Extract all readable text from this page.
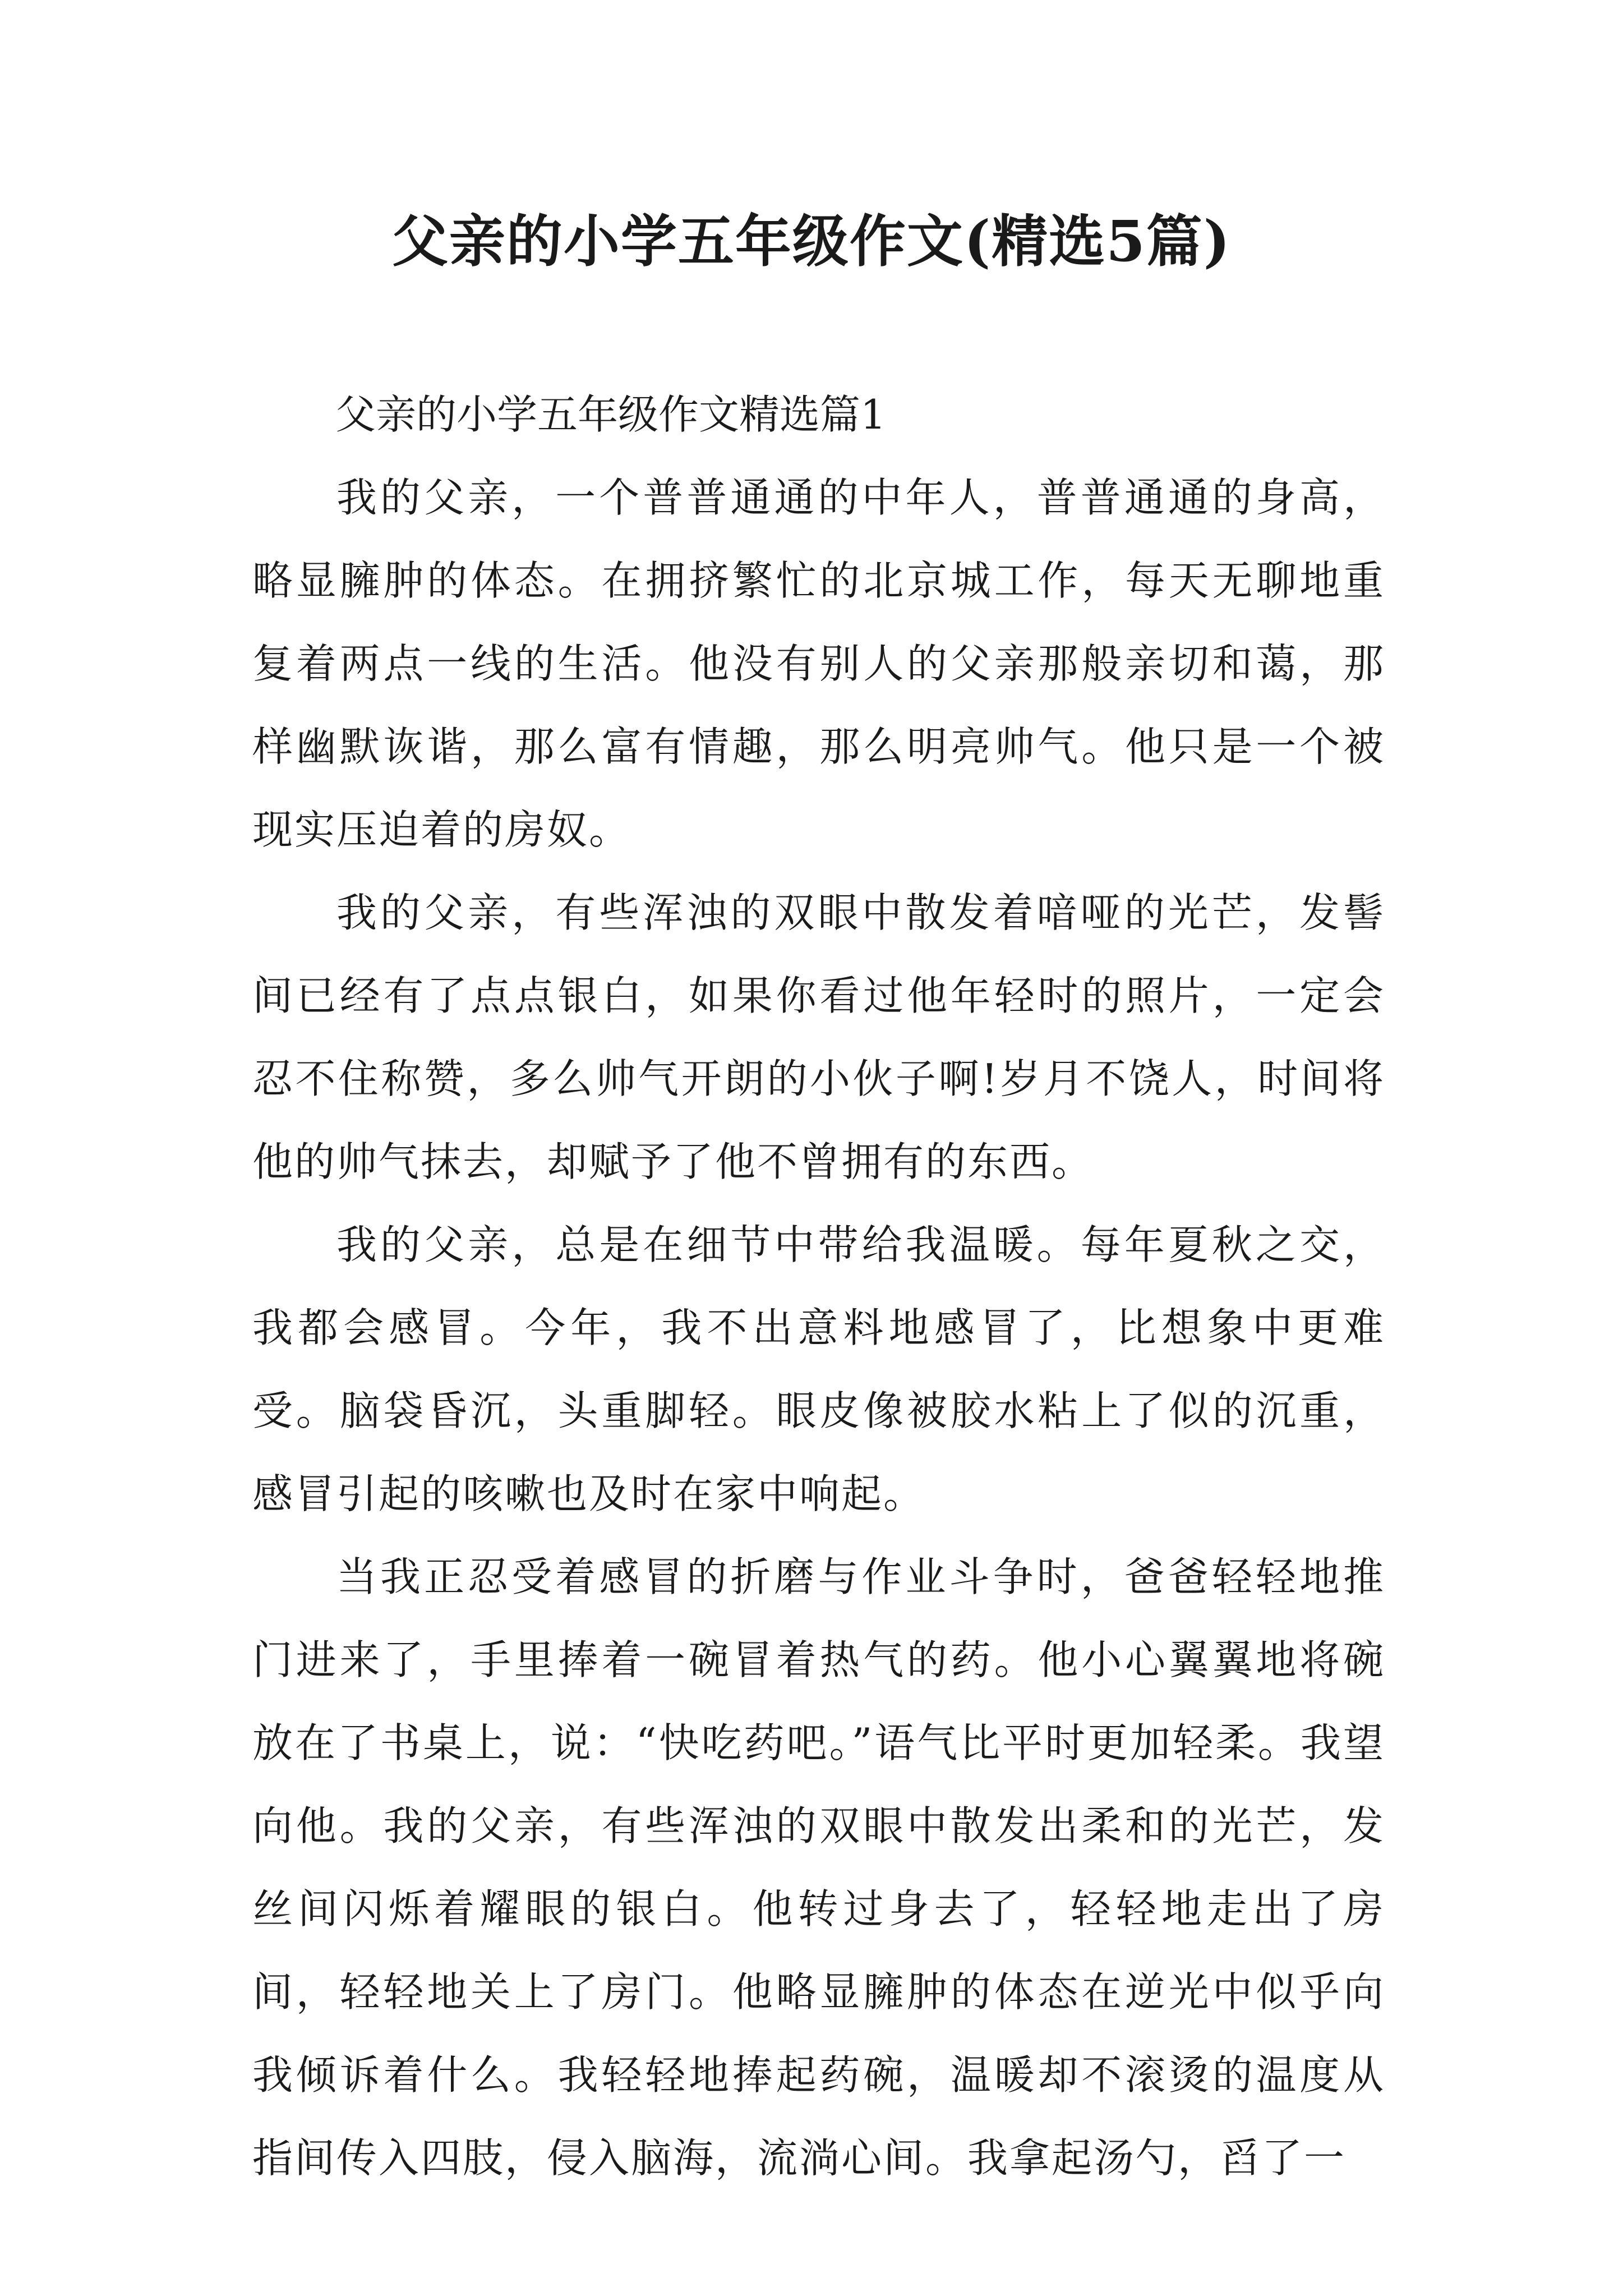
父亲的小学五年级作文(精选5篇)

父亲的小学五年级作文精选篇1

我的父亲，一个普普通通的中年人，普普通通的身高，略显臃肿的体态。在拥挤繁忙的北京城工作，每天无聊地重复着两点一线的生活。他没有别人的父亲那般亲切和蔼，那样幽默诙谐，那么富有情趣，那么明亮帅气。他只是一个被现实压迫着的房奴。

我的父亲，有些浑浊的双眼中散发着喑哑的光芒，发髻间已经有了点点银白，如果你看过他年轻时的照片，一定会忍不住称赞，多么帅气开朗的小伙子啊!岁月不饶人，时间将他的帅气抹去，却赋予了他不曾拥有的东西。

我的父亲，总是在细节中带给我温暖。每年夏秋之交，我都会感冒。今年，我不出意料地感冒了，比想象中更难受。脑袋昏沉，头重脚轻。眼皮像被胶水粘上了似的沉重，感冒引起的咳嗽也及时在家中响起。

当我正忍受着感冒的折磨与作业斗争时，爸爸轻轻地推门进来了，手里捧着一碗冒着热气的药。他小心翼翼地将碗放在了书桌上，说：“快吃药吧。”语气比平时更加轻柔。我望向他。我的父亲，有些浑浊的双眼中散发出柔和的光芒，发丝间闪烁着耀眼的银白。他转过身去了，轻轻地走出了房间，轻轻地关上了房门。他略显臃肿的体态在逆光中似乎向我倾诉着什么。我轻轻地捧起药碗，温暖却不滚烫的温度从指间传入四肢，侵入脑海，流淌心间。我拿起汤勺，舀了一
